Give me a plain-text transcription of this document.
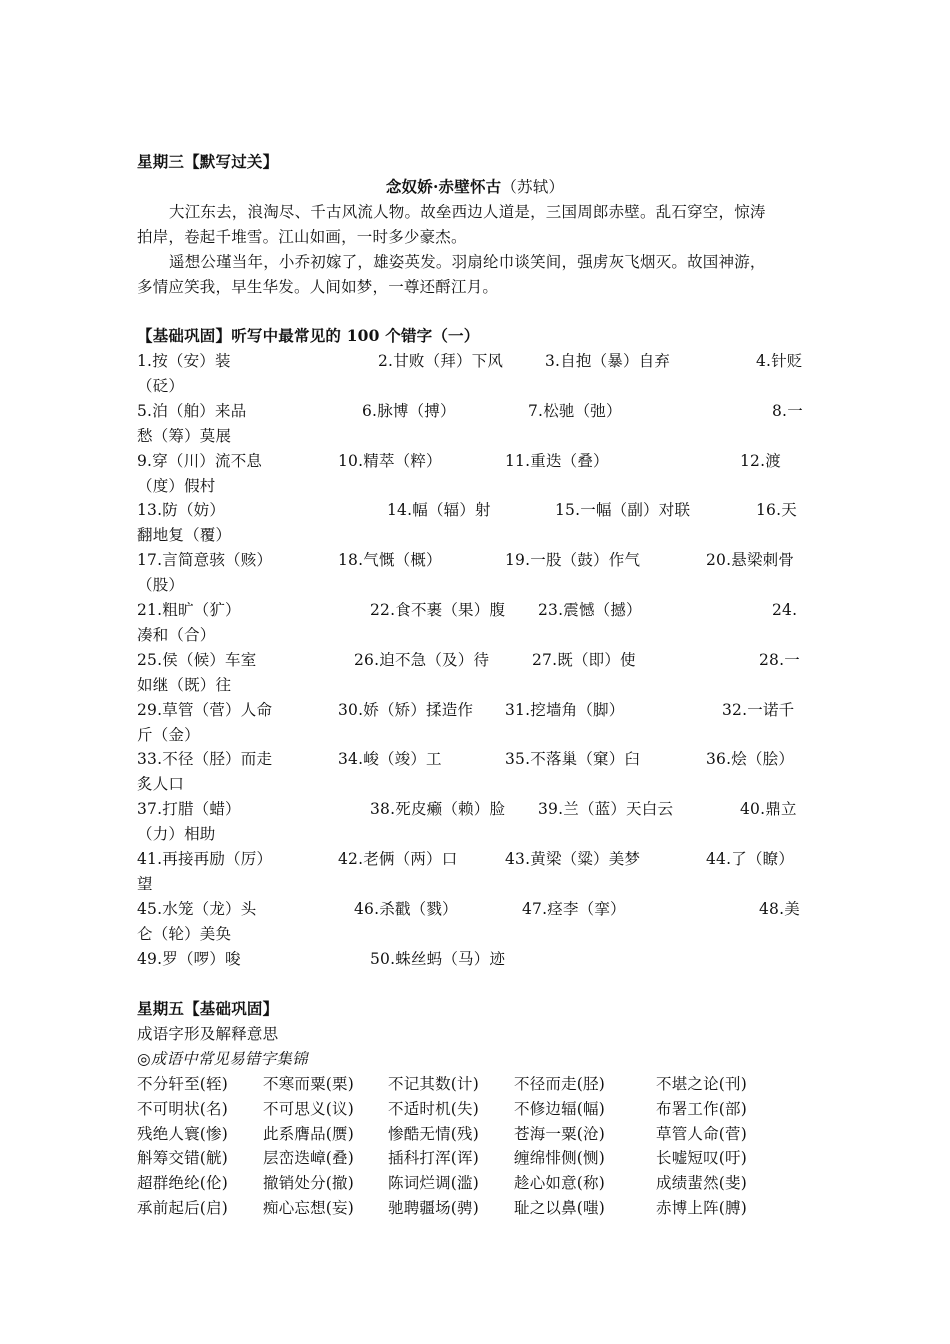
星期三【默写过关】
念奴娇·赤壁怀古（苏轼）
大江东去，浪淘尽、千古风流人物。故垒西边人道是，三国周郎赤壁。乱石穿空，惊涛
拍岸，卷起千堆雪。江山如画，一时多少豪杰。
遥想公瑾当年，小乔初嫁了，雄姿英发。羽扇纶巾谈笑间，强虏灰飞烟灭。故国神游，
多情应笑我，早生华发。人间如梦，一尊还酹江月。
【基础巩固】听写中最常见的 100 个错字（一）
1.按（安）装	2.甘败（拜）下风	3.自抱（暴）自弃	4.针贬
（砭）
5.泊（舶）来品	6.脉博（搏）	7.松驰（弛）	8.一
愁（筹）莫展
9.穿（川）流不息	10.精萃（粹）	11.重迭（叠）	12.渡
（度）假村
13.防（妨）	14.幅（辐）射	15.一幅（副）对联	16.天
翻地复（覆）
17.言简意骇（赅）	18.气慨（概）	19.一股（鼓）作气	20.悬梁刺骨
（股）
21.粗旷（犷）	22.食不裹（果）腹 23.震憾（撼）	24.
凑和（合）
25.侯（候）车室	26.迫不急（及）待	27.既（即）使	28.一
如继（既）往
29.草管（菅）人命	30.娇（矫）揉造作 31.挖墙角（脚）	32.一诺千
斤（金）
33.不径（胫）而走	34.峻（竣）工	35.不落巢（窠）臼	36.烩（脍）
炙人口
37.打腊（蜡）	38.死皮癞（赖）脸 39.兰（蓝）天白云	40.鼎立
（力）相助
41.再接再励（厉）	42.老俩（两）口	43.黄梁（粱）美梦	44.了（瞭）
望
45.水笼（龙）头	46.杀戳（戮）	47.痉李（挛）	48.美
仑（轮）美奂
49.罗（啰）唆	50.蛛丝蚂（马）迹
星期五【基础巩固】
成语字形及解释意思
◎成语中常见易错字集锦
不分轩至(轾) 不寒而粟(栗) 不记其数(计) 不径而走(胫)	不堪之论(刊)
不可明状(名) 不可思义(议) 不适时机(失) 不修边辐(幅)	布署工作(部)
残绝人寰(惨) 此系膺品(赝) 惨酷无情(残) 苍海一粟(沧)	草管人命(菅)
斛筹交错(觥) 层峦迭嶂(叠) 插科打浑(诨) 缠绵悱侧(恻)	长嘘短叹(吁)
超群绝纶(伦) 撤销处分(撤) 陈词烂调(滥) 趁心如意(称)	成绩蜚然(斐)
承前起后(启) 痴心忘想(妄) 驰聘疆场(骋) 耻之以鼻(嗤)	赤博上阵(膊)
